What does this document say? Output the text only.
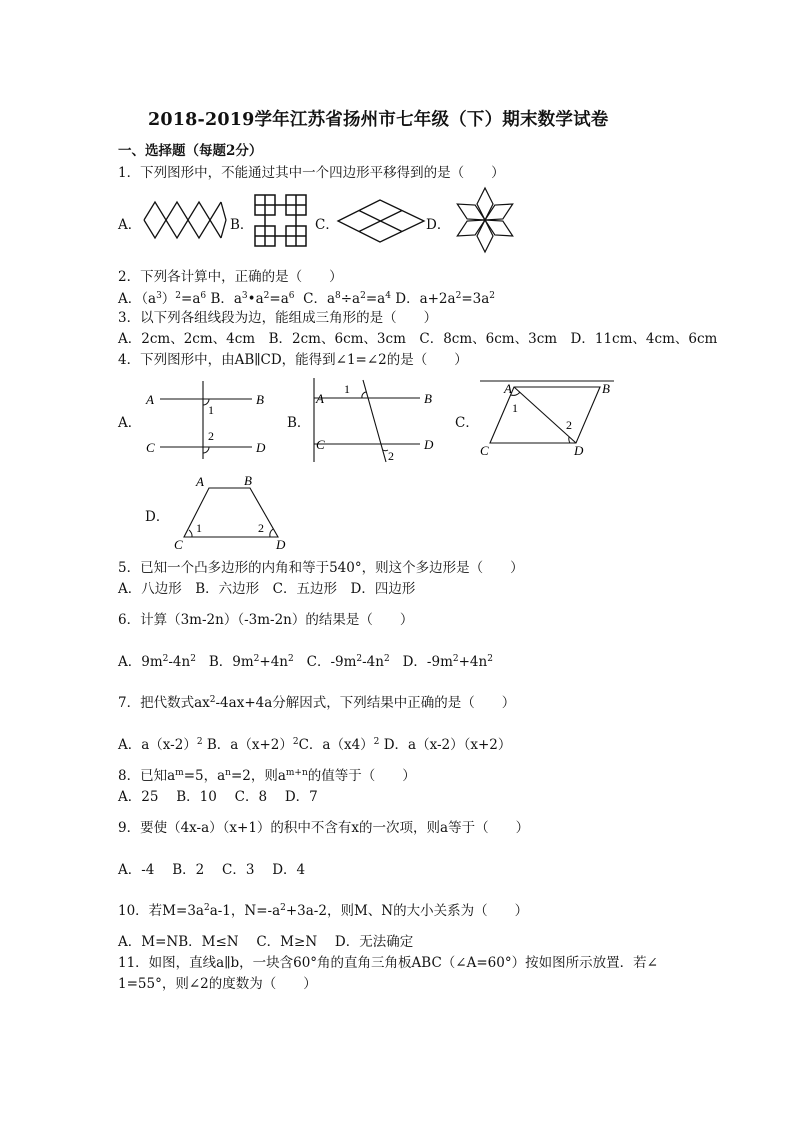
2018-2019学年江苏省扬州市七年级（下）期末数学试卷
一、选择题（每题2分）
1．下列图形中，不能通过其中一个四边形平移得到的是（　　）
A．	B．	C．	D．
2．下列各计算中，正确的是（　　）
A．$(a^3)^2=a^6$ B．$a^3•a^2=a^6$ C．$a^8\div a^2=a^4$ D．$a+2a^2=3a^2$
3．以下列各组线段为边，能组成三角形的是（　　）
A．2cm、2cm、4cm　B．2cm、6cm、3cm　C．8cm、6cm、3cm　D．11cm、4cm、6cm
4．下列图形中，由AB∥CD，能得到∠1=∠2的是（　　）
A．
A	B
C	D
1
2
B．
A	B
C	D
1
2
C．
A	B
C	D
1
2
D．
A	B
C	D
1	2
5．已知一个凸多边形的内角和等于540°，则这个多边形是（　　）
A．八边形　B．六边形　C．五边形　D．四边形
6．计算（3m-2n）（-3m-2n）的结果是（　　）
A．$9m^2-4n^2$ B．$9m^2+4n^2$ C．$-9m^2-4n^2$ D．$-9m^2+4n^2$
7．把代数式$ax^2-4ax+4a$分解因式，下列结果中正确的是（　　）
A．$a(x-2)^2$ B．$a(x+2)^2C$．$a(x4)^2$ D．a（x-2）（x+2）
8．已知$a^m=5$，$a^n=2$，则$a^{m+n}$的值等于（　　）
A．25　 B．10　 C．8　 D．7
9．要使（4x-a）（x+1）的积中不含有x的一次项，则a等于（　　）
A．-4　 B．2　 C．3　 D．4
10．若$M=3a^2a-1$，$N=-a^2+3a-2$，则M、N的大小关系为（　　）
A．M=NB．M≤N　 C．M≥N　 D．无法确定
11．如图，直线a∥b，一块含60°角的直角三角板ABC（∠A=60°）按如图所示放置．若∠
1=55°，则∠2的度数为（　　）
